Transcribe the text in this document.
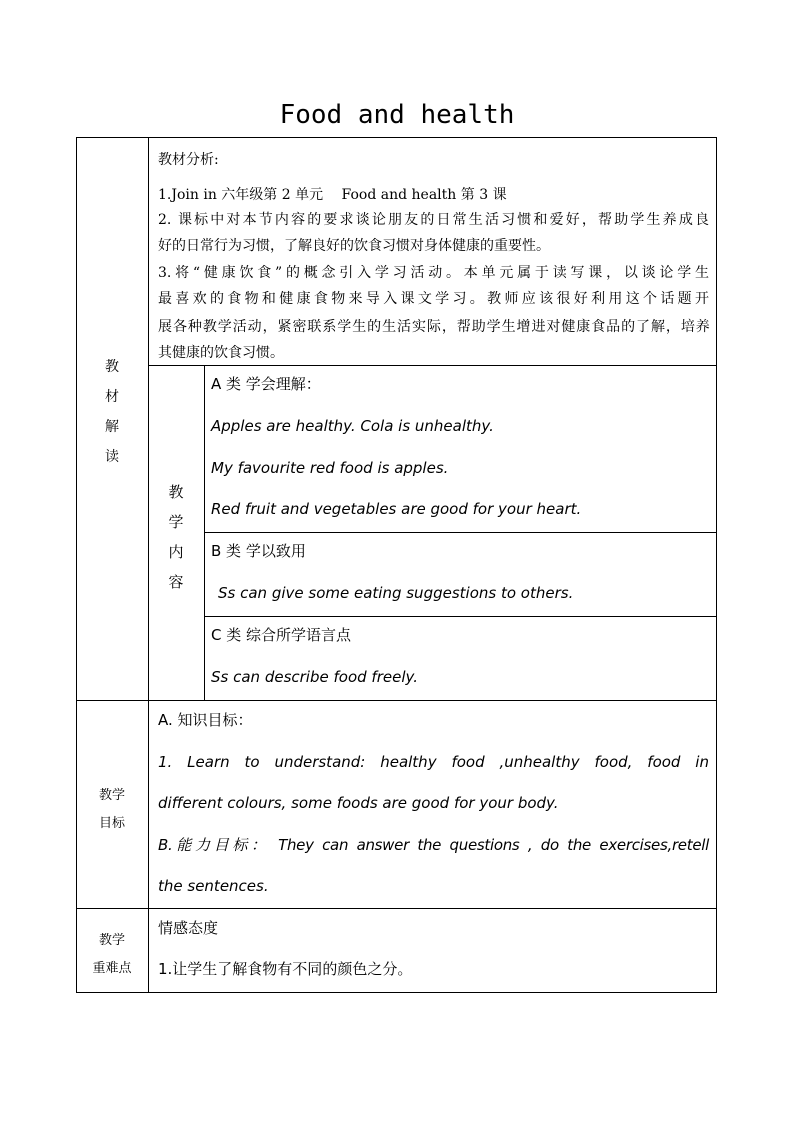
Food and health
教
材
解
读
教材分析:
1.Join in 六年级第 2 单元　 Food and health 第 3 课
2. 课标中对本节内容的要求谈论朋友的日常生活习惯和爱好，帮助学生养成良
好的日常行为习惯，了解良好的饮食习惯对身体健康的重要性。
3.将“健康饮食”的概念引入学习活动。本单元属于读写课，以谈论学生
最喜欢的食物和健康食物来导入课文学习。教师应该很好利用这个话题开
展各种教学活动，紧密联系学生的生活实际，帮助学生增进对健康食品的了解，培养
其健康的饮食习惯。
教
学
内
容
A 类 学会理解：
Apples are healthy. Cola is unhealthy.
My favourite red food is apples.
Red fruit and vegetables are good for your heart.
B 类 学以致用
Ss can give some eating suggestions to others.
C 类 综合所学语言点
Ss can describe food freely.
教学
目标
A. 知识目标：
1. Learn to understand: healthy food ,unhealthy food, food in
different colours, some foods are good for your body.
B.能力目标： They can answer the questions , do the exercises,retell
the sentences.
教学
重难点
情感态度
1.让学生了解食物有不同的颜色之分。
